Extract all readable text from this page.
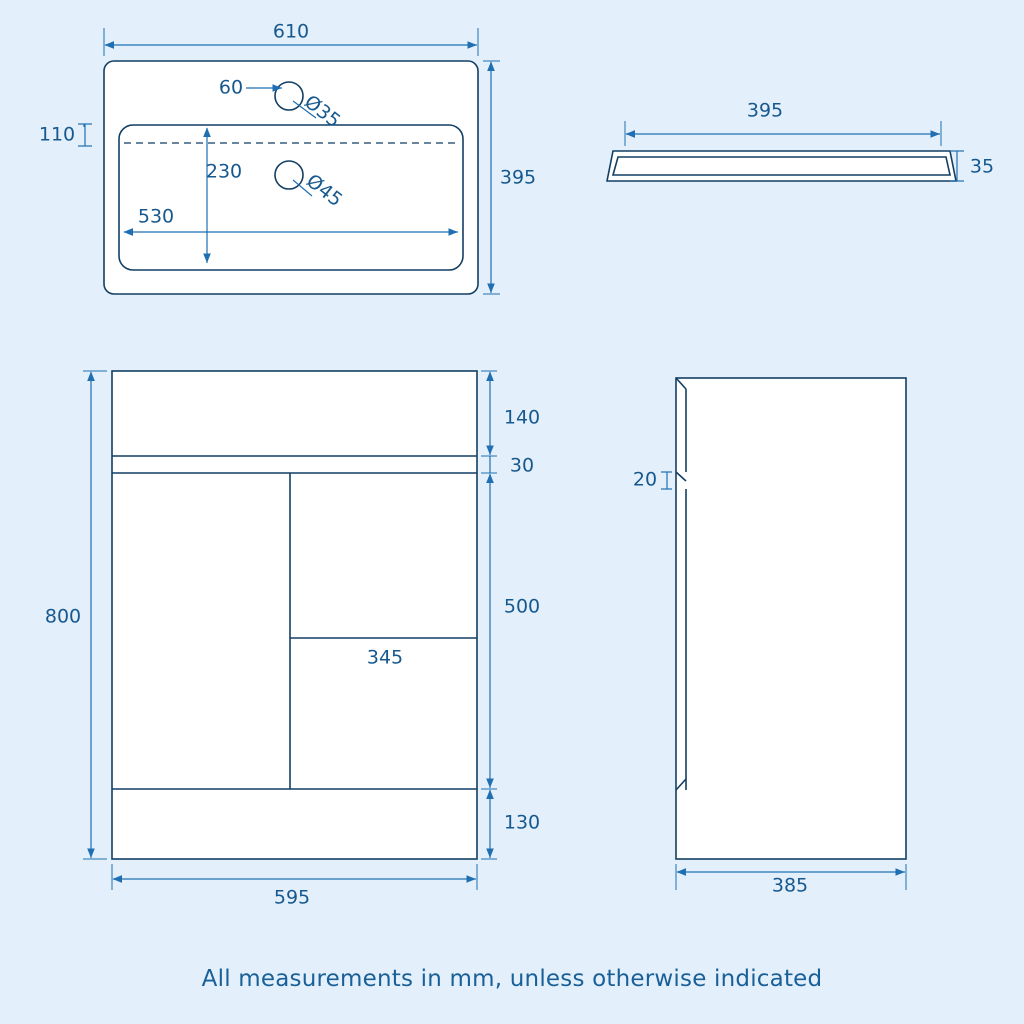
610
395
110
60
Ø35
Ø45
230
530
395
35
800
140
30
500
345
130
595
20
385
All measurements in mm, unless otherwise indicated
